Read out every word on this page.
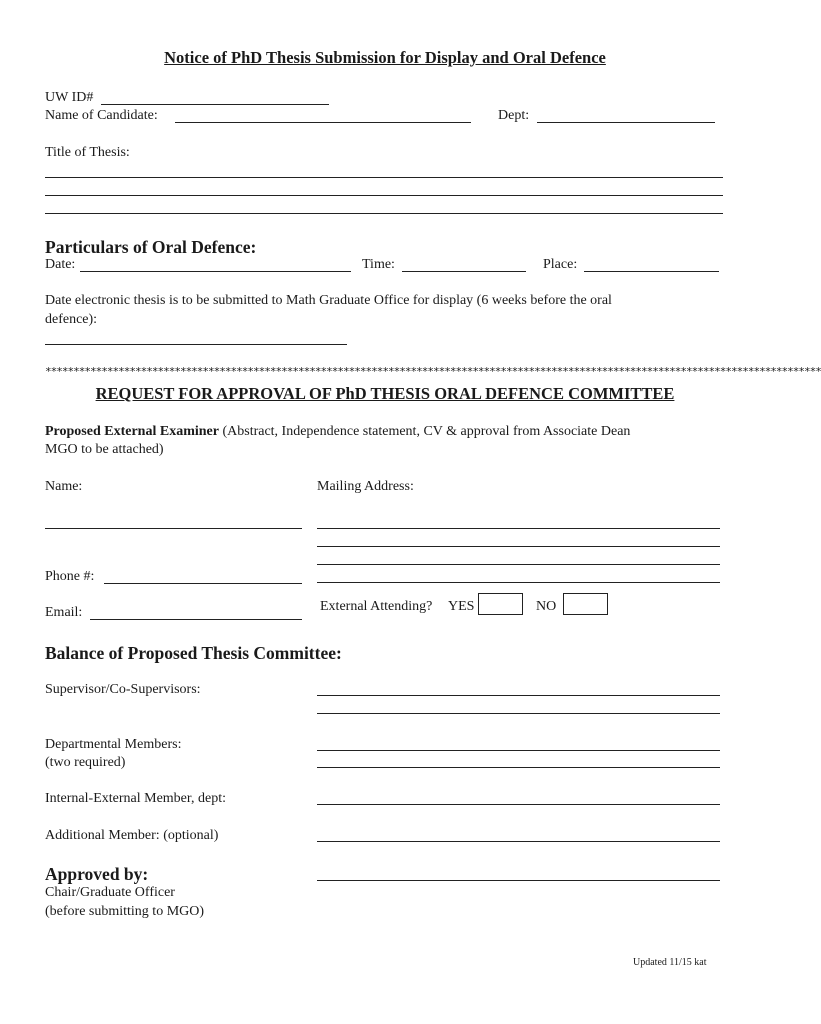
Notice of PhD Thesis Submission for Display and Oral Defence
UW ID#
Name of Candidate:	Dept:
Title of Thesis:
Particulars of Oral Defence:
Date:	Time:	Place:
Date electronic thesis is to be submitted to Math Graduate Office for display (6 weeks before the oral
defence):
******************************************************************************************************************************************
REQUEST FOR APPROVAL OF PhD THESIS ORAL DEFENCE COMMITTEE
Proposed External Examiner (Abstract, Independence statement, CV & approval from Associate Dean
MGO to be attached)
Name:	Mailing Address:
Phone #:
Email:	External Attending? YES	NO
Balance of Proposed Thesis Committee:
Supervisor/Co-Supervisors:
Departmental Members:
(two required)
Internal-External Member, dept:
Additional Member: (optional)
Approved by:
Chair/Graduate Officer
(before submitting to MGO)
Updated 11/15 kat
